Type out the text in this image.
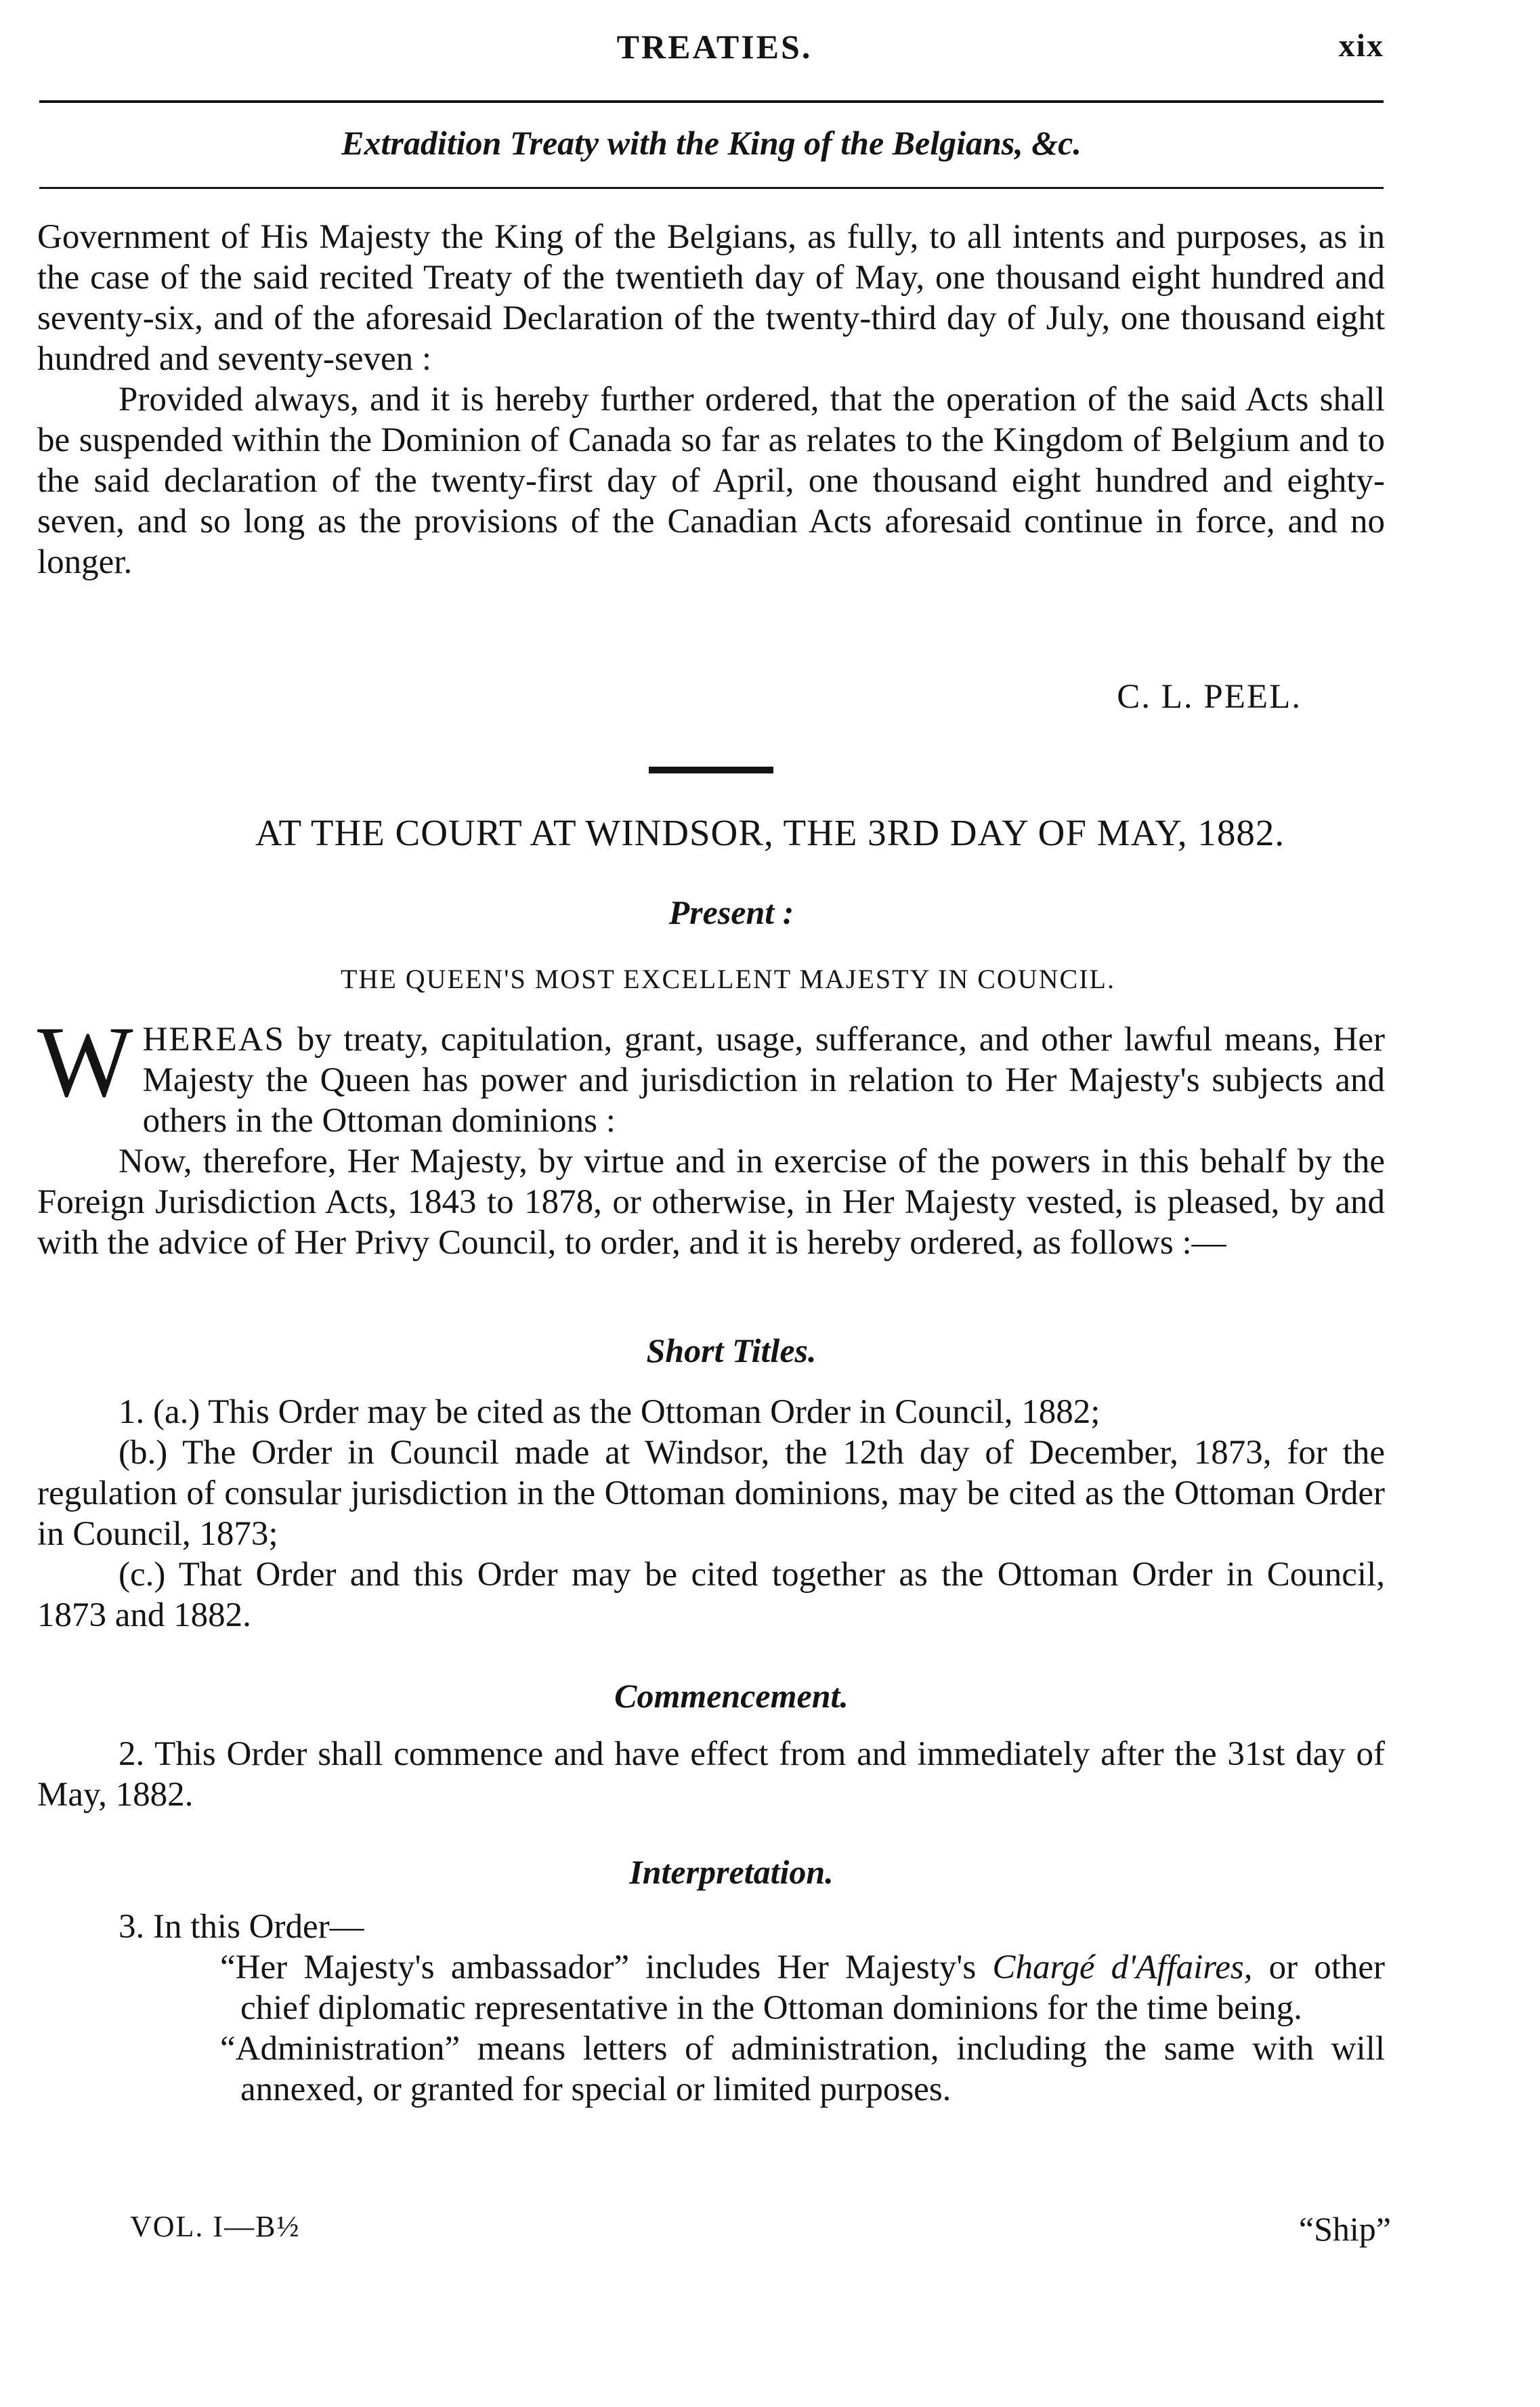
TREATIES.	xix
Extradition Treaty with the King of the Belgians, &c.

Government of His Majesty the King of the Belgians, as fully, to all intents and purposes, as in the case of the said recited Treaty of the twentieth day of May, one thousand eight hundred and seventy-six, and of the aforesaid Declaration of the twenty-third day of July, one thousand eight hundred and seventy-seven :

Provided always, and it is hereby further ordered, that the operation of the said Acts shall be suspended within the Dominion of Canada so far as relates to the Kingdom of Belgium and to the said declaration of the twenty-first day of April, one thousand eight hundred and eighty-seven, and so long as the provisions of the Canadian Acts aforesaid continue in force, and no longer.

C. L. PEEL.
AT THE COURT AT WINDSOR, THE 3RD DAY OF MAY, 1882.
Present :
THE QUEEN'S MOST EXCELLENT MAJESTY IN COUNCIL.

WHEREAS by treaty, capitulation, grant, usage, sufferance, and other lawful means, Her Majesty the Queen has power and jurisdiction in relation to Her Majesty's subjects and others in the Ottoman dominions :

Now, therefore, Her Majesty, by virtue and in exercise of the powers in this behalf by the Foreign Jurisdiction Acts, 1843 to 1878, or otherwise, in Her Majesty vested, is pleased, by and with the advice of Her Privy Council, to order, and it is hereby ordered, as follows :—

Short Titles.

1. (a.) This Order may be cited as the Ottoman Order in Council, 1882;

(b.) The Order in Council made at Windsor, the 12th day of December, 1873, for the regulation of consular jurisdiction in the Ottoman dominions, may be cited as the Ottoman Order in Council, 1873;

(c.) That Order and this Order may be cited together as the Ottoman Order in Council, 1873 and 1882.

Commencement.

2. This Order shall commence and have effect from and immediately after the 31st day of May, 1882.

Interpretation.

3. In this Order—

“Her Majesty's ambassador” includes Her Majesty's Chargé d'Affaires, or other chief diplomatic representative in the Ottoman dominions for the time being.

“Administration” means letters of administration, including the same with will annexed, or granted for special or limited purposes.

VOL. I—B½	“Ship”
